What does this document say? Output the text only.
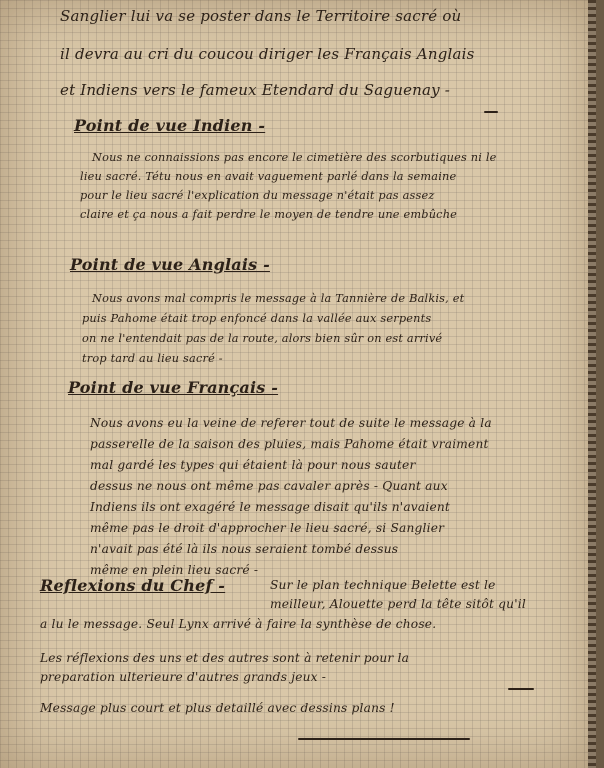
Sanglier lui va se poster dans le Territoire sacré où
il devra au cri du coucou diriger les Français Anglais
et Indiens vers le fameux Etendard du Saguenay -
Point de vue Indien -
Nous ne connaissions pas encore le cimetière des scorbutiques ni le
lieu sacré. Tétu nous en avait vaguement parlé dans la semaine
pour le lieu sacré l'explication du message n'était pas assez
claire et ça nous a fait perdre le moyen de tendre une embûche
Point de vue Anglais -
Nous avons mal compris le message à la Tannière de Balkis, et
puis Pahome était trop enfoncé dans la vallée aux serpents
on ne l'entendait pas de la route, alors bien sûr on est arrivé
trop tard au lieu sacré -
Point de vue Français -
Nous avons eu la veine de referer tout de suite le message à la
passerelle de la saison des pluies, mais Pahome était vraiment
mal gardé les types qui étaient là pour nous sauter
dessus ne nous ont même pas cavaler après - Quant aux
Indiens ils ont exagéré le message disait qu'ils n'avaient
même pas le droit d'approcher le lieu sacré, si Sanglier
n'avait pas été là ils nous seraient tombé dessus
même en plein lieu sacré -
Reflexions du Chef -	Sur le plan technique Belette est le
meilleur, Alouette perd la tête sitôt qu'il
a lu le message. Seul Lynx arrivé à faire la synthèse de chose.
Les réflexions des uns et des autres sont à retenir pour la
preparation ulterieure d'autres grands jeux -
Message plus court et plus detaillé avec dessins plans !
